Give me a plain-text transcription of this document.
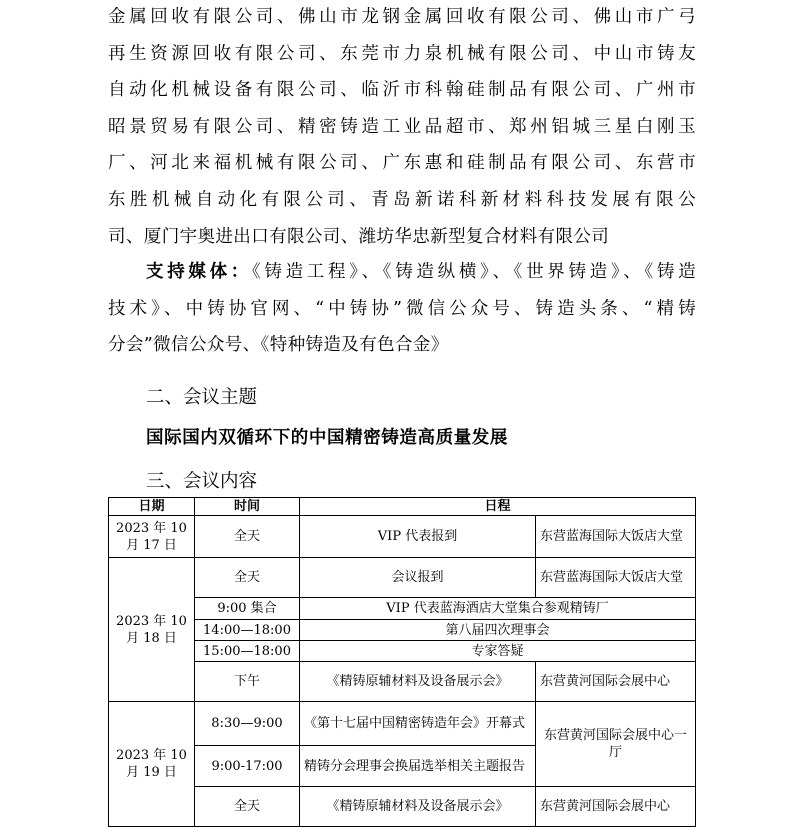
金属回收有限公司、佛山市龙钢金属回收有限公司、佛山市广弓
再生资源回收有限公司、东莞市力泉机械有限公司、中山市铸友
自动化机械设备有限公司、临沂市科翰硅制品有限公司、广州市
昭景贸易有限公司、精密铸造工业品超市、郑州铝城三星白刚玉
厂、河北来福机械有限公司、广东惠和硅制品有限公司、东营市
东胜机械自动化有限公司、青岛新诺科新材料科技发展有限公
司、厦门宇奥进出口有限公司、潍坊华忠新型复合材料有限公司
支持媒体：《铸造工程》、《铸造纵横》、《世界铸造》、《铸造
技术》、中铸协官网、“中铸协”微信公众号、铸造头条、“精铸
分会”微信公众号、《特种铸造及有色合金》
二、会议主题
国际国内双循环下的中国精密铸造高质量发展
三、会议内容
日期	时间	日程	
2023 年 10 月 17 日	全天	VIP 代表报到	东营蓝海国际大饭店大堂
2023 年 10 月 18 日	全天	会议报到	东营蓝海国际大饭店大堂
	9:00 集合	VIP 代表蓝海酒店大堂集合参观精铸厂	
	14:00—18:00	第八届四次理事会	
	15:00—18:00	专家答疑	
	下午	《精铸原辅材料及设备展示会》	东营黄河国际会展中心
2023 年 10 月 19 日	8:30—9:00	《第十七届中国精密铸造年会》开幕式	东营黄河国际会展中心一厅
	9:00-17:00	精铸分会理事会换届选举相关主题报告	
	全天	《精铸原辅材料及设备展示会》	东营黄河国际会展中心
